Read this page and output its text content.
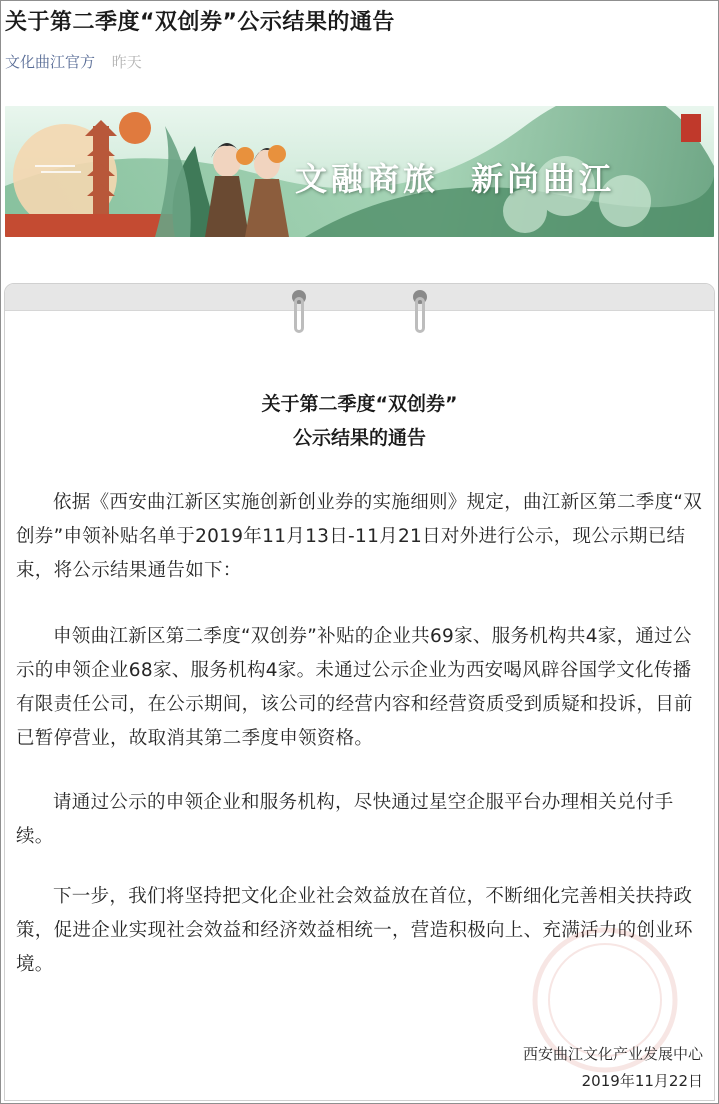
关于第二季度“双创券”公示结果的通告
文化曲江官方 昨天
文融商旅 新尚曲江
关于第二季度“双创券”
公示结果的通告

依据《西安曲江新区实施创新创业券的实施细则》规定，曲江新区第二季度“双创券”申领补贴名单于2019年11月13日-11月21日对外进行公示，现公示期已结束，将公示结果通告如下：

申领曲江新区第二季度“双创券”补贴的企业共69家、服务机构共4家，通过公示的申领企业68家、服务机构4家。未通过公示企业为西安喝风辟谷国学文化传播有限责任公司，在公示期间，该公司的经营内容和经营资质受到质疑和投诉，目前已暂停营业，故取消其第二季度申领资格。

请通过公示的申领企业和服务机构，尽快通过星空企服平台办理相关兑付手续。

下一步，我们将坚持把文化企业社会效益放在首位，不断细化完善相关扶持政策，促进企业实现社会效益和经济效益相统一，营造积极向上、充满活力的创业环境。

西安曲江文化产业发展中心
2019年11月22日
